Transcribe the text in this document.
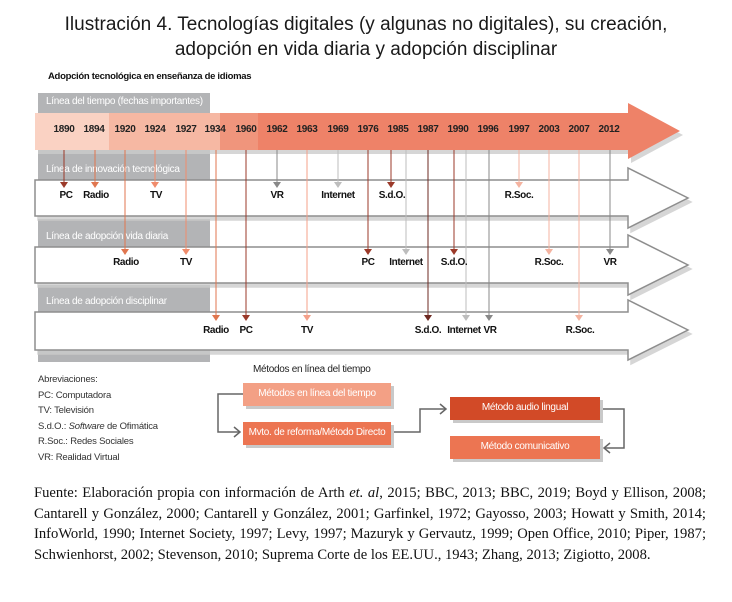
Ilustración 4. Tecnologías digitales (y algunas no digitales), su creación,
adopción en vida diaria y adopción disciplinar
Adopción tecnológica en enseñanza de idiomas
Línea del tiempo (fechas importantes)
Línea de innovación tecnológica
Línea de adopción vida diaria
Línea de adopción disciplinar
1890 1894 1920 1924 1927 1934 1960 1962 1963 1969 1976 1985 1987 1990 1996 1997 2003 2007 2012
PC Radio	TV	VR	Internet S.d.O.	R.Soc.
Radio	TV	PC Internet S.d.O.	R.Soc.	VR
Radio PC	TV	S.d.O. Internet VR	R.Soc.
Abreviaciones:
PC: Computadora
TV: Televisión
S.d.O.: Software de Ofimática
R.Soc.: Redes Sociales
VR: Realidad Virtual
Métodos en línea del tiempo
Métodos en línea del tiempo
Mvto. de reforma/Método Directo
Método audio lingual
Método comunicativo
Fuente: Elaboración propia con información de Arth et. al, 2015; BBC, 2013; BBC, 2019; Boyd y Ellison, 2008; Cantarell y González, 2000; Cantarell y González, 2001; Garfinkel, 1972; Gayosso, 2003; Howatt y Smith, 2014; InfoWorld, 1990; Internet Society, 1997; Levy, 1997; Mazuryk y Gervautz, 1999; Open Office, 2010; Piper, 1987; Schwienhorst, 2002; Stevenson, 2010; Suprema Corte de los EE.UU., 1943; Zhang, 2013; Zigiotto, 2008.
